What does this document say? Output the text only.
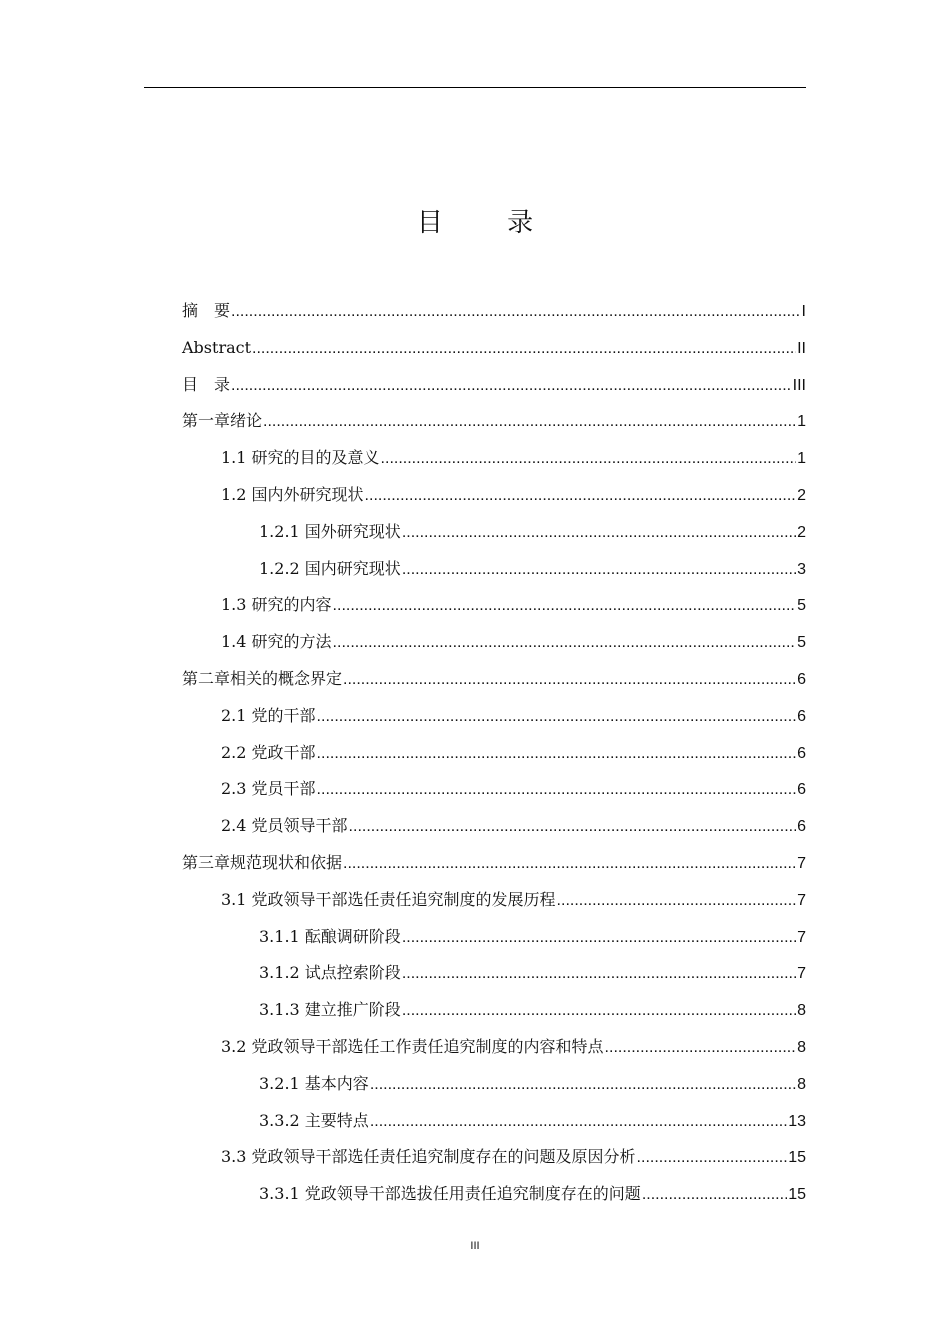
目 录
摘　要 .....	I
Abstract .....	II
目　录 .....	III
第一章绪论 .....	1
1.1 研究的目的及意义 .....	1
1.2 国内外研究现状 .....	2
1.2.1 国外研究现状 .....	2
1.2.2 国内研究现状 .....	3
1.3 研究的内容 .....	5
1.4 研究的方法 .....	5
第二章相关的概念界定 .....	6
2.1 党的干部 .....	6
2.2 党政干部 .....	6
2.3 党员干部 .....	6
2.4 党员领导干部 .....	6
第三章规范现状和依据 .....	7
3.1 党政领导干部选任责任追究制度的发展历程 .....	7
3.1.1 酝酿调研阶段 .....	7
3.1.2 试点控索阶段 .....	7
3.1.3 建立推广阶段 .....	8
3.2 党政领导干部选任工作责任追究制度的内容和特点 .....	8
3.2.1 基本内容 .....	8
3.3.2 主要特点 .....	13
3.3 党政领导干部选任责任追究制度存在的问题及原因分析 .....	15
3.3.1 党政领导干部选拔任用责任追究制度存在的问题 .....	15
III
